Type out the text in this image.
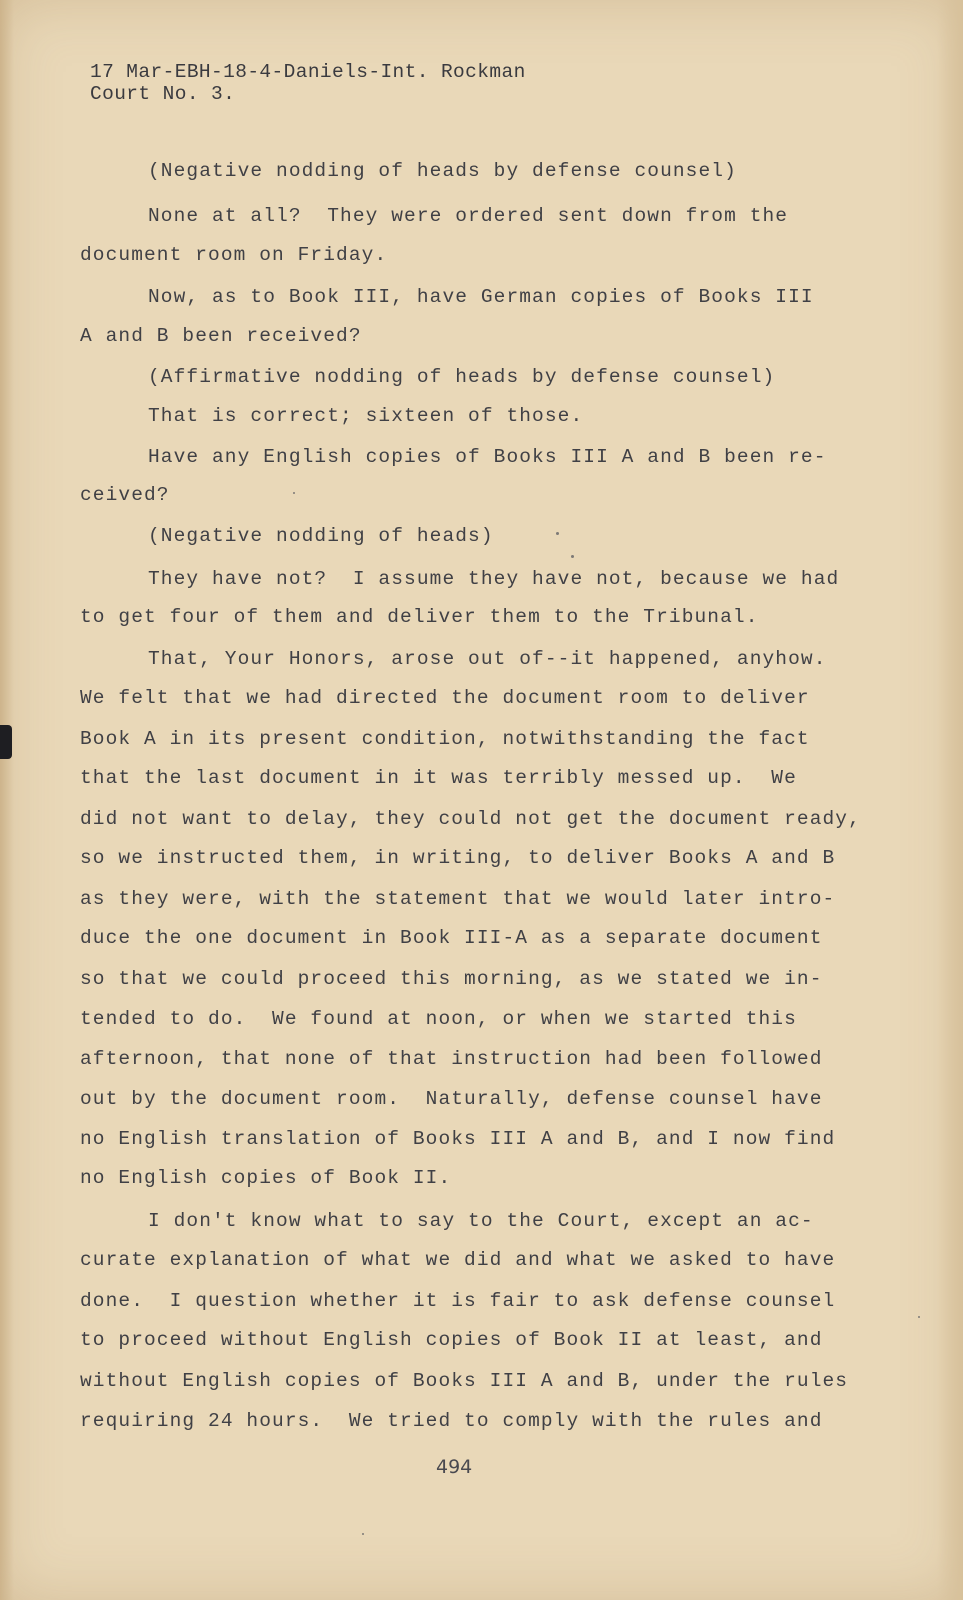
17 Mar-EBH-18-4-Daniels-Int. Rockman
Court No. 3.
(Negative nodding of heads by defense counsel)
None at all?  They were ordered sent down from the
document room on Friday.
Now, as to Book III, have German copies of Books III
A and B been received?
(Affirmative nodding of heads by defense counsel)
That is correct; sixteen of those.
Have any English copies of Books III A and B been re-
ceived?
(Negative nodding of heads)
They have not?  I assume they have not, because we had
to get four of them and deliver them to the Tribunal.
That, Your Honors, arose out of--it happened, anyhow.
We felt that we had directed the document room to deliver
Book A in its present condition, notwithstanding the fact
that the last document in it was terribly messed up.  We
did not want to delay, they could not get the document ready,
so we instructed them, in writing, to deliver Books A and B
as they were, with the statement that we would later intro-
duce the one document in Book III-A as a separate document
so that we could proceed this morning, as we stated we in-
tended to do.  We found at noon, or when we started this
afternoon, that none of that instruction had been followed
out by the document room.  Naturally, defense counsel have
no English translation of Books III A and B, and I now find
no English copies of Book II.
I don't know what to say to the Court, except an ac-
curate explanation of what we did and what we asked to have
done.  I question whether it is fair to ask defense counsel
to proceed without English copies of Book II at least, and
without English copies of Books III A and B, under the rules
requiring 24 hours.  We tried to comply with the rules and
494
